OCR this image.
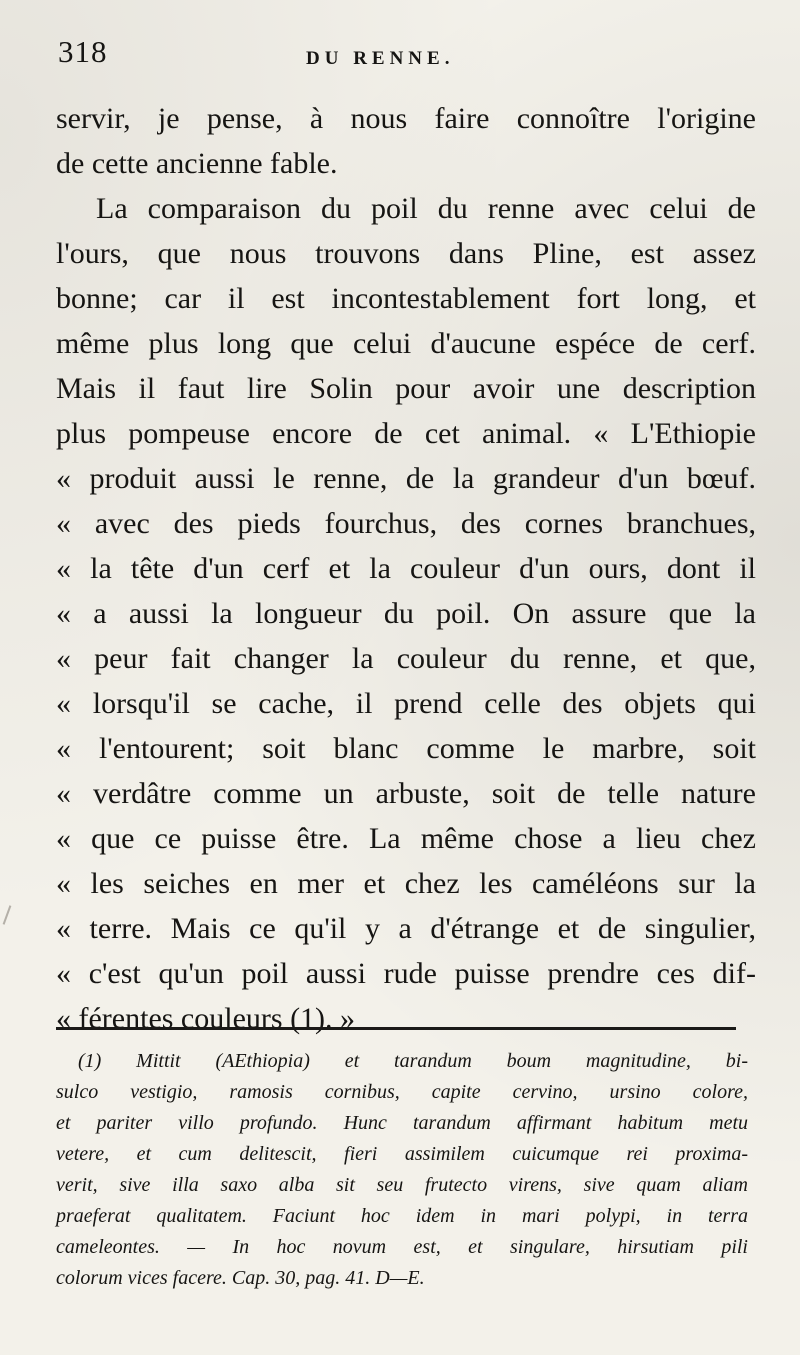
318	DU RENNE.
servir, je pense, à nous faire connoître l'origine
de cette ancienne fable.
La comparaison du poil du renne avec celui de
l'ours, que nous trouvons dans Pline, est assez
bonne; car il est incontestablement fort long, et
même plus long que celui d'aucune espéce de cerf.
Mais il faut lire Solin pour avoir une description
plus pompeuse encore de cet animal. « L'Ethiopie
« produit aussi le renne, de la grandeur d'un bœuf.
« avec des pieds fourchus, des cornes branchues,
« la tête d'un cerf et la couleur d'un ours, dont il
« a aussi la longueur du poil. On assure que la
« peur fait changer la couleur du renne, et que,
« lorsqu'il se cache, il prend celle des objets qui
« l'entourent; soit blanc comme le marbre, soit
« verdâtre comme un arbuste, soit de telle nature
« que ce puisse être. La même chose a lieu chez
« les seiches en mer et chez les caméléons sur la
« terre. Mais ce qu'il y a d'étrange et de singulier,
« c'est qu'un poil aussi rude puisse prendre ces dif-
« férentes couleurs (1). »
(1) Mittit (AEthiopia) et tarandum boum magnitudine, bi-
sulco vestigio, ramosis cornibus, capite cervino, ursino colore,
et pariter villo profundo. Hunc tarandum affirmant habitum metu
vetere, et cum delitescit, fieri assimilem cuicumque rei proxima-
verit, sive illa saxo alba sit seu frutecto virens, sive quam aliam
praeferat qualitatem. Faciunt hoc idem in mari polypi, in terra
cameleontes. — In hoc novum est, et singulare, hirsutiam pili
colorum vices facere. Cap. 30, pag. 41. D—E.
